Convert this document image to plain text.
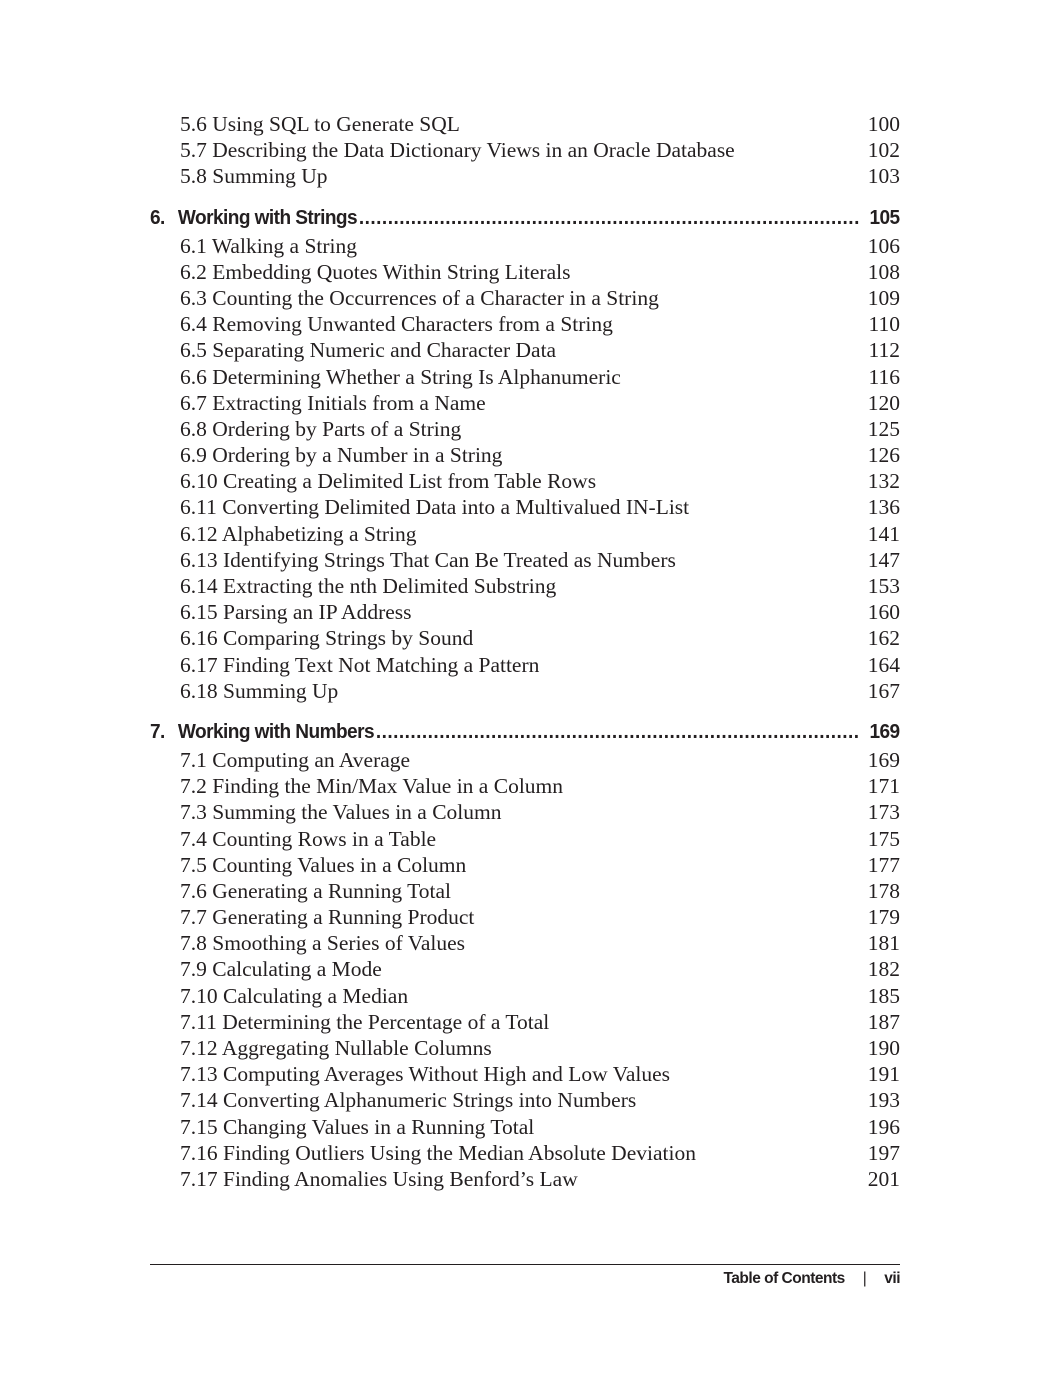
5.6 Using SQL to Generate SQL	100
5.7 Describing the Data Dictionary Views in an Oracle Database	102
5.8 Summing Up	103
6. Working with Strings . . .	105
6.1 Walking a String	106
6.2 Embedding Quotes Within String Literals	108
6.3 Counting the Occurrences of a Character in a String	109
6.4 Removing Unwanted Characters from a String	110
6.5 Separating Numeric and Character Data	112
6.6 Determining Whether a String Is Alphanumeric	116
6.7 Extracting Initials from a Name	120
6.8 Ordering by Parts of a String	125
6.9 Ordering by a Number in a String	126
6.10 Creating a Delimited List from Table Rows	132
6.11 Converting Delimited Data into a Multivalued IN-List	136
6.12 Alphabetizing a String	141
6.13 Identifying Strings That Can Be Treated as Numbers	147
6.14 Extracting the nth Delimited Substring	153
6.15 Parsing an IP Address	160
6.16 Comparing Strings by Sound	162
6.17 Finding Text Not Matching a Pattern	164
6.18 Summing Up	167
7. Working with Numbers . . .	169
7.1 Computing an Average	169
7.2 Finding the Min/Max Value in a Column	171
7.3 Summing the Values in a Column	173
7.4 Counting Rows in a Table	175
7.5 Counting Values in a Column	177
7.6 Generating a Running Total	178
7.7 Generating a Running Product	179
7.8 Smoothing a Series of Values	181
7.9 Calculating a Mode	182
7.10 Calculating a Median	185
7.11 Determining the Percentage of a Total	187
7.12 Aggregating Nullable Columns	190
7.13 Computing Averages Without High and Low Values	191
7.14 Converting Alphanumeric Strings into Numbers	193
7.15 Changing Values in a Running Total	196
7.16 Finding Outliers Using the Median Absolute Deviation	197
7.17 Finding Anomalies Using Benford’s Law	201
Table of Contents | vii
